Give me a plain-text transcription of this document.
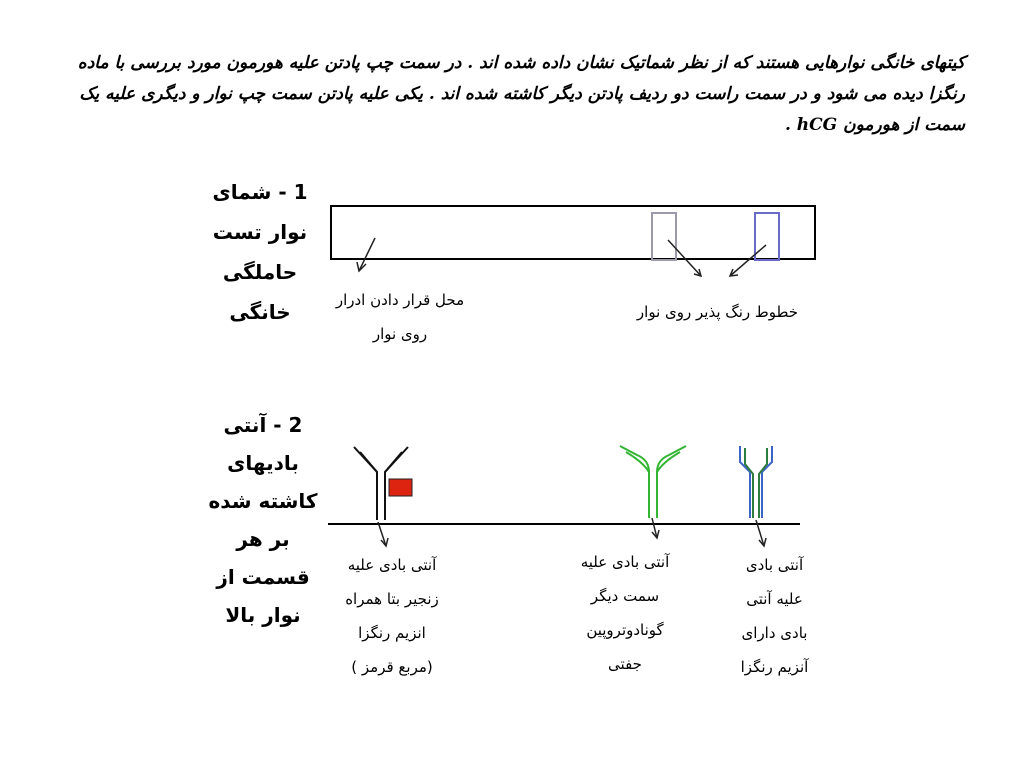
کیتهای خانگی نوارهایی هستند که از نظر شماتیک نشان داده شده اند . در سمت چپ پادتن علیه هورمون مورد بررسی با ماده رنگزا دیده می شود و در سمت راست دو ردیف پادتن دیگر کاشته شده اند . یکی علیه پادتن سمت چپ نوار و دیگری علیه یک سمت از هورمون hCG .
1 - شمای
نوار تست
حاملگی
خانگی	محل قرار دادن ادرار
روی نوار
خطوط رنگ پذیر روی نوار
2 - آنتی
بادیهای
کاشته شده
بر هر
قسمت از
نوار بالا
آنتی بادی علیه
زنجیر بتا همراه
انزیم رنگزا
(مربع قرمز )
آنتی بادی علیه
سمت دیگر
گونادوتروپین
جفتی
آنتی بادی
علیه آنتی
بادی دارای
آنزیم رنگزا
